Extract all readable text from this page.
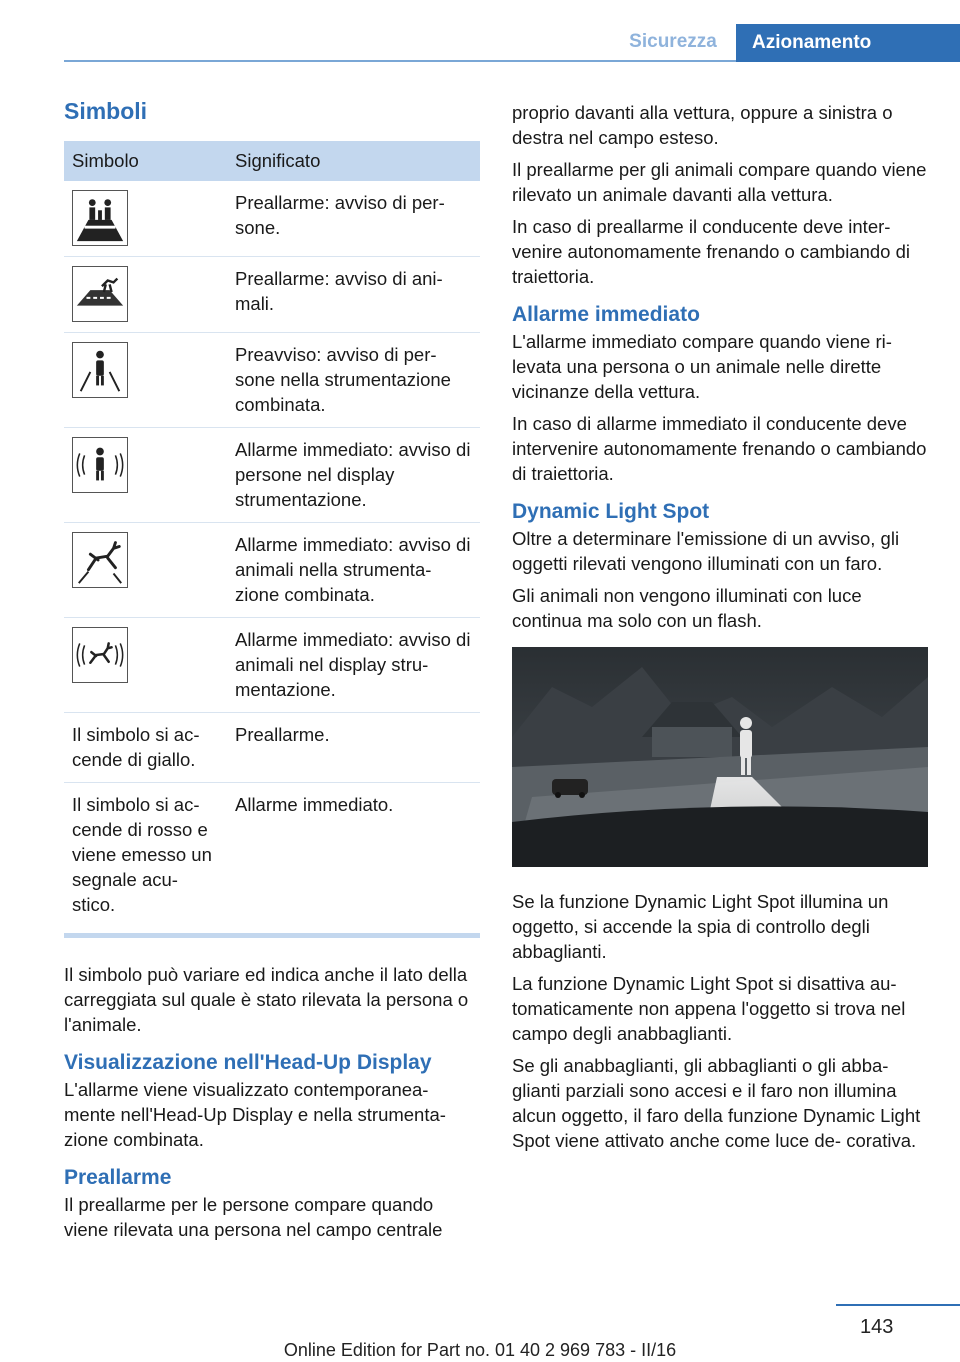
Sicurezza	Azionamento
Simboli
Simbolo	Significato

	Preallarme: avviso di per- sone.

	Preallarme: avviso di ani- mali.

	Preavviso: avviso di per- sone nella strumentazione combinata.

	Allarme immediato: avviso di persone nel display strumentazione.

	Allarme immediato: avviso di animali nella strumenta- zione combinata.

	Allarme immediato: avviso di animali nel display stru- mentazione.
Il simbolo si ac- cende di giallo.	Preallarme.
Il simbolo si ac- cende di rosso e viene emesso un segnale acu- stico.	Allarme immediato.

Il simbolo può variare ed indica anche il lato della carreggiata sul quale è stato rilevata la persona o l'animale.

Visualizzazione nell'Head-Up Display

L'allarme viene visualizzato contemporanea- mente nell'Head-Up Display e nella strumenta- zione combinata.

Preallarme

Il preallarme per le persone compare quando viene rilevata una persona nel campo centrale

proprio davanti alla vettura, oppure a sinistra o destra nel campo esteso.

Il preallarme per gli animali compare quando viene rilevato un animale davanti alla vettura.

In caso di preallarme il conducente deve inter- venire autonomamente frenando o cambiando di traiettoria.

Allarme immediato

L'allarme immediato compare quando viene ri- levata una persona o un animale nelle dirette vicinanze della vettura.

In caso di allarme immediato il conducente deve intervenire autonomamente frenando o cambiando di traiettoria.

Dynamic Light Spot

Oltre a determinare l'emissione di un avviso, gli oggetti rilevati vengono illuminati con un faro.

Gli animali non vengono illuminati con luce continua ma solo con un flash.

Se la funzione Dynamic Light Spot illumina un oggetto, si accende la spia di controllo degli abbaglianti.

La funzione Dynamic Light Spot si disattiva au- tomaticamente non appena l'oggetto si trova nel campo degli anabbaglianti.

Se gli anabbaglianti, gli abbaglianti o gli abba- glianti parziali sono accesi e il faro non illumina alcun oggetto, il faro della funzione Dynamic Light Spot viene attivato anche come luce de- corativa.

143
Online Edition for Part no. 01 40 2 969 783 - II/16
